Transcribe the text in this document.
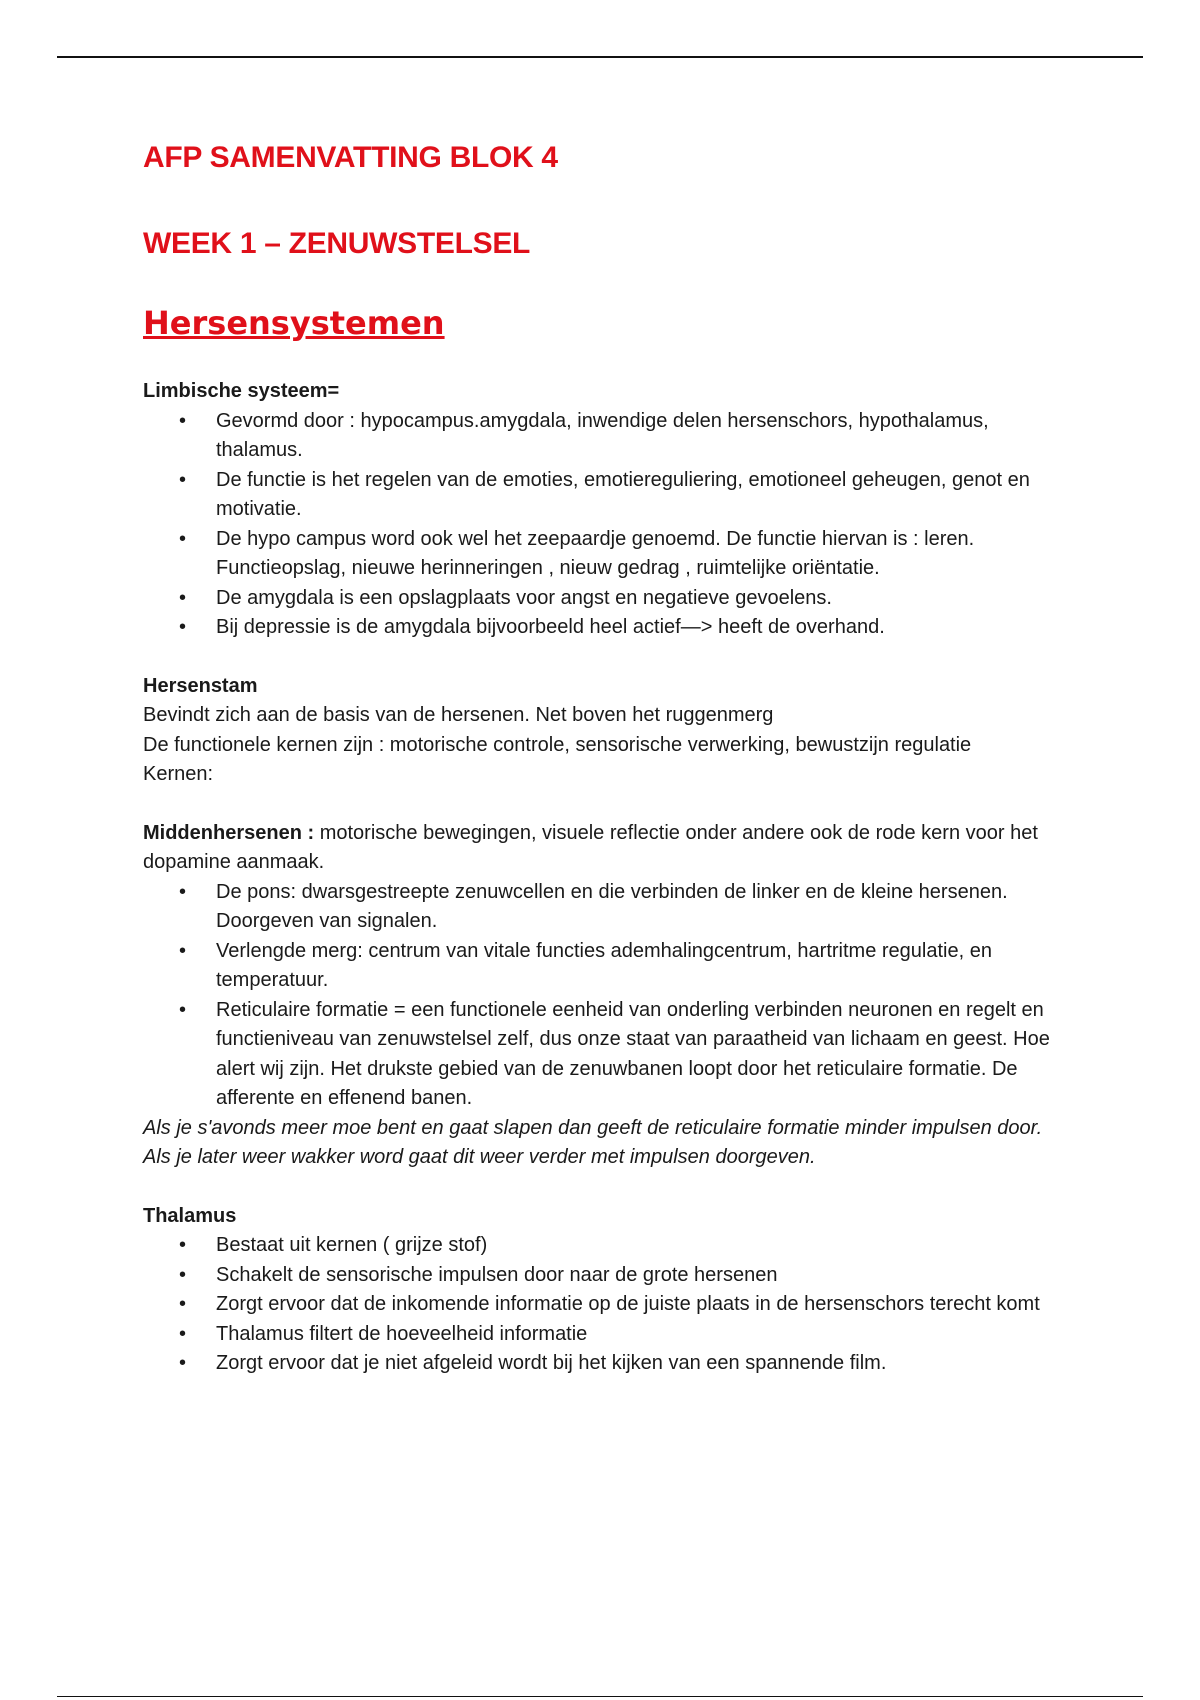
AFP SAMENVATTING BLOK 4
WEEK 1 – ZENUWSTELSEL
Hersensystemen

Limbische systeem=

• Gevormd door : hypocampus.amygdala, inwendige delen hersenschors, hypothalamus, thalamus.
• De functie is het regelen van de emoties, emotiereguliering, emotioneel geheugen, genot en motivatie.
• De hypo campus word ook wel het zeepaardje genoemd. De functie hiervan is : leren. Functieopslag, nieuwe herinneringen , nieuw gedrag , ruimtelijke oriëntatie.
• De amygdala is een opslagplaats voor angst en negatieve gevoelens.
• Bij depressie is de amygdala bijvoorbeeld heel actief—> heeft de overhand.

Hersenstam

Bevindt zich aan de basis van de hersenen. Net boven het ruggenmerg

De functionele kernen zijn : motorische controle, sensorische verwerking, bewustzijn regulatie

Kernen:

Middenhersenen : motorische bewegingen, visuele reflectie onder andere ook de rode kern voor het dopamine aanmaak.

• De pons: dwarsgestreepte zenuwcellen en die verbinden de linker en de kleine hersenen. Doorgeven van signalen.
• Verlengde merg: centrum van vitale functies ademhalingcentrum, hartritme regulatie, en temperatuur.
• Reticulaire formatie = een functionele eenheid van onderling verbinden neuronen en regelt en functieniveau van zenuwstelsel zelf, dus onze staat van paraatheid van lichaam en geest. Hoe alert wij zijn. Het drukste gebied van de zenuwbanen loopt door het reticulaire formatie. De afferente en effenend banen.

Als je s'avonds meer moe bent en gaat slapen dan geeft de reticulaire formatie minder impulsen door. Als je later weer wakker word gaat dit weer verder met impulsen doorgeven.

Thalamus

• Bestaat uit kernen ( grijze stof)
• Schakelt de sensorische impulsen door naar de grote hersenen
• Zorgt ervoor dat de inkomende informatie op de juiste plaats in de hersenschors terecht komt
• Thalamus filtert de hoeveelheid informatie
• Zorgt ervoor dat je niet afgeleid wordt bij het kijken van een spannende film.
